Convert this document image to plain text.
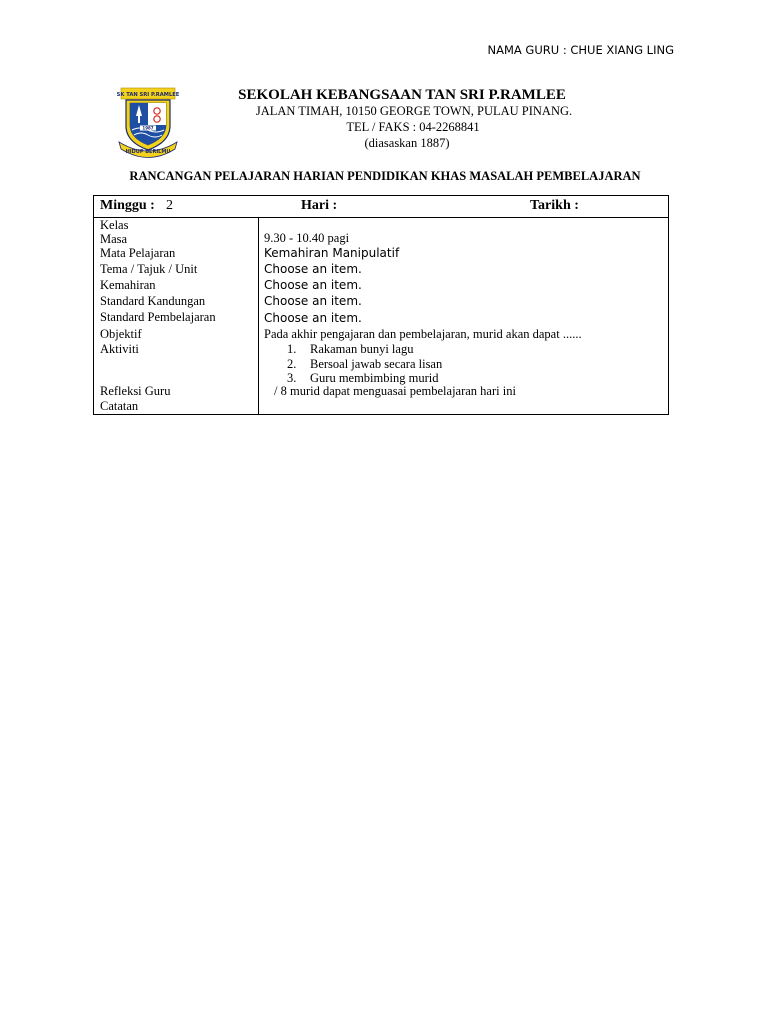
NAMA GURU : CHUE XIANG LING
SK TAN SRI P.RAMLEE
1987
HIDUP BERILMU
SEKOLAH KEBANGSAAN TAN SRI P.RAMLEE
JALAN TIMAH, 10150 GEORGE TOWN, PULAU PINANG.
TEL / FAKS : 04-2268841
(diasaskan 1887)
RANCANGAN PELAJARAN HARIAN PENDIDIKAN KHAS MASALAH PEMBELAJARAN
Minggu : 2	Hari :	Tarikh :
Kelas
Masa
Mata Pelajaran
Tema / Tajuk / Unit
Kemahiran
Standard Kandungan
Standard Pembelajaran
Objektif
Aktiviti
Refleksi Guru
Catatan
9.30 - 10.40 pagi
Kemahiran Manipulatif
Choose an item.
Choose an item.
Choose an item.
Choose an item.
Pada akhir pengajaran dan pembelajaran, murid akan dapat ......
1. Rakaman bunyi lagu
2. Bersoal jawab secara lisan
3. Guru membimbing murid
/ 8 murid dapat menguasai pembelajaran hari ini
